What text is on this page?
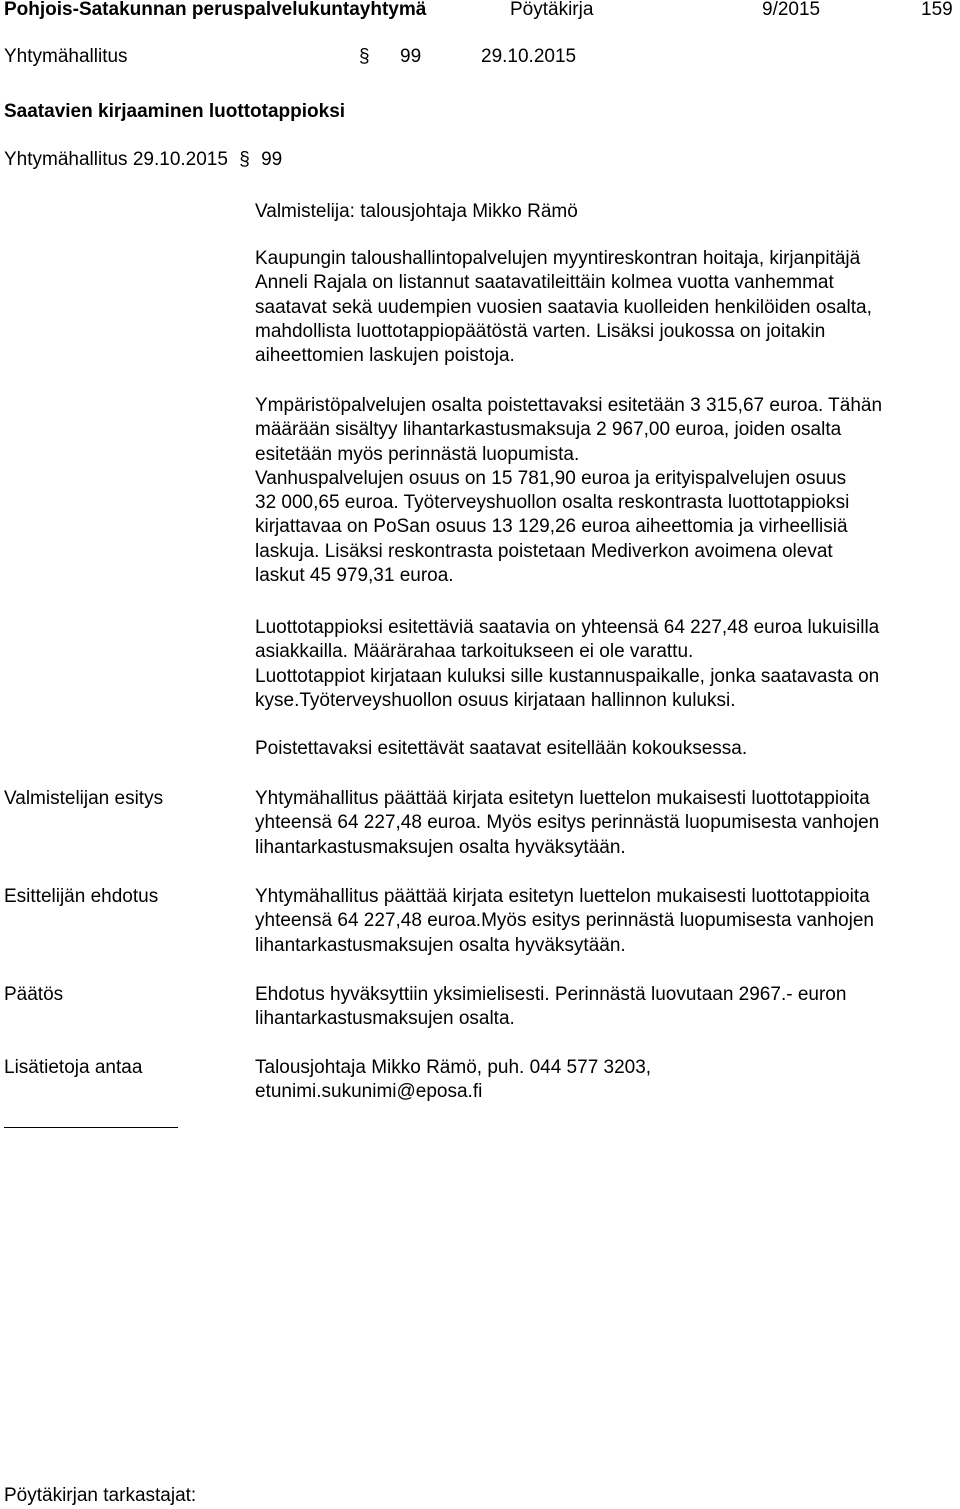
Pohjois-Satakunnan peruspalvelukuntayhtymä	Pöytäkirja	9/2015	159
Yhtymähallitus	§ 99	29.10.2015
Saatavien kirjaaminen luottotappioksi
Yhtymähallitus 29.10.2015 § 99
Valmistelija: talousjohtaja Mikko Rämö
Kaupungin taloushallintopalvelujen myyntireskontran hoitaja, kirjanpitäjä
Anneli Rajala on listannut saatavatileittäin kolmea vuotta vanhemmat
saatavat sekä uudempien vuosien saatavia kuolleiden henkilöiden osalta,
mahdollista luottotappiopäätöstä varten. Lisäksi joukossa on joitakin
aiheettomien laskujen poistoja.
Ympäristöpalvelujen osalta poistettavaksi esitetään 3 315,67 euroa. Tähän
määrään sisältyy lihantarkastusmaksuja 2 967,00 euroa, joiden osalta
esitetään myös perinnästä luopumista.
Vanhuspalvelujen osuus on 15 781,90 euroa ja erityispalvelujen osuus
32 000,65 euroa. Työterveyshuollon osalta reskontrasta luottotappioksi
kirjattavaa on PoSan osuus 13 129,26 euroa aiheettomia ja virheellisiä
laskuja. Lisäksi reskontrasta poistetaan Mediverkon avoimena olevat
laskut 45 979,31 euroa.
Luottotappioksi esitettäviä saatavia on yhteensä 64 227,48 euroa lukuisilla
asiakkailla. Määrärahaa tarkoitukseen ei ole varattu.
Luottotappiot kirjataan kuluksi sille kustannuspaikalle, jonka saatavasta on
kyse.Työterveyshuollon osuus kirjataan hallinnon kuluksi.
Poistettavaksi esitettävät saatavat esitellään kokouksessa.
Valmistelijan esitys	Yhtymähallitus päättää kirjata esitetyn luettelon mukaisesti luottotappioita
yhteensä 64 227,48 euroa. Myös esitys perinnästä luopumisesta vanhojen
lihantarkastusmaksujen osalta hyväksytään.
Esittelijän ehdotus	Yhtymähallitus päättää kirjata esitetyn luettelon mukaisesti luottotappioita
yhteensä 64 227,48 euroa.Myös esitys perinnästä luopumisesta vanhojen
lihantarkastusmaksujen osalta hyväksytään.
Päätös	Ehdotus hyväksyttiin yksimielisesti. Perinnästä luovutaan 2967.- euron
lihantarkastusmaksujen osalta.
Lisätietoja antaa	Talousjohtaja Mikko Rämö, puh. 044 577 3203,
etunimi.sukunimi@eposa.fi
Pöytäkirjan tarkastajat:
